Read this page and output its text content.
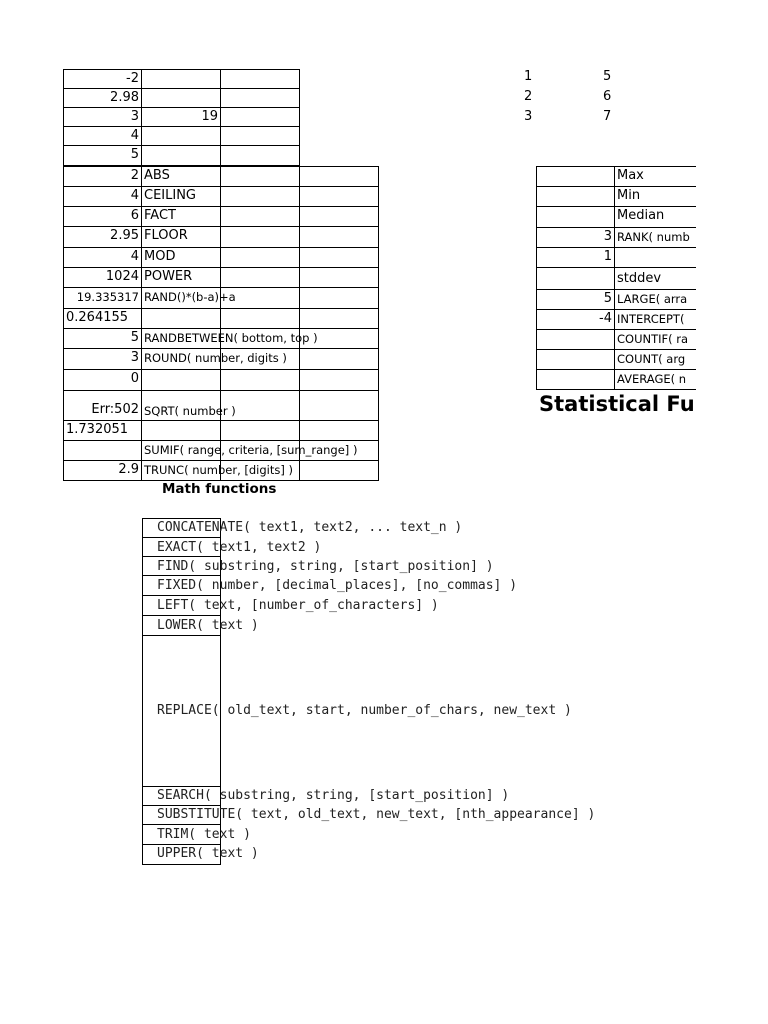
-2
2.98
3	19
4
5
2 ABS
4 CEILING
6 FACT
2.95 FLOOR
4 MOD
1024 POWER
19.335317 RAND()*(b-a)+a
0.264155
5 RANDBETWEEN( bottom, top )
3 ROUND( number, digits )
0
Err:502 SQRT( number )
1.732051
SUMIF( range, criteria, [sum_range] )
2.9 TRUNC( number, [digits] )
Math functions
1	5
2	6
3	7
Max
Min
Median
3 RANK( numb
1
stddev
5 LARGE( arra
-4 INTERCEPT(
COUNTIF( ra
COUNT( arg
AVERAGE( n
Statistical Fu
CONCATENATE( text1, text2, ... text_n )
EXACT( text1, text2 )
FIND( substring, string, [start_position] )
FIXED( number, [decimal_places], [no_commas] )
LEFT( text, [number_of_characters] )
LOWER( text )
REPLACE( old_text, start, number_of_chars, new_text )
SEARCH( substring, string, [start_position] )
SUBSTITUTE( text, old_text, new_text, [nth_appearance] )
TRIM( text )
UPPER( text )
